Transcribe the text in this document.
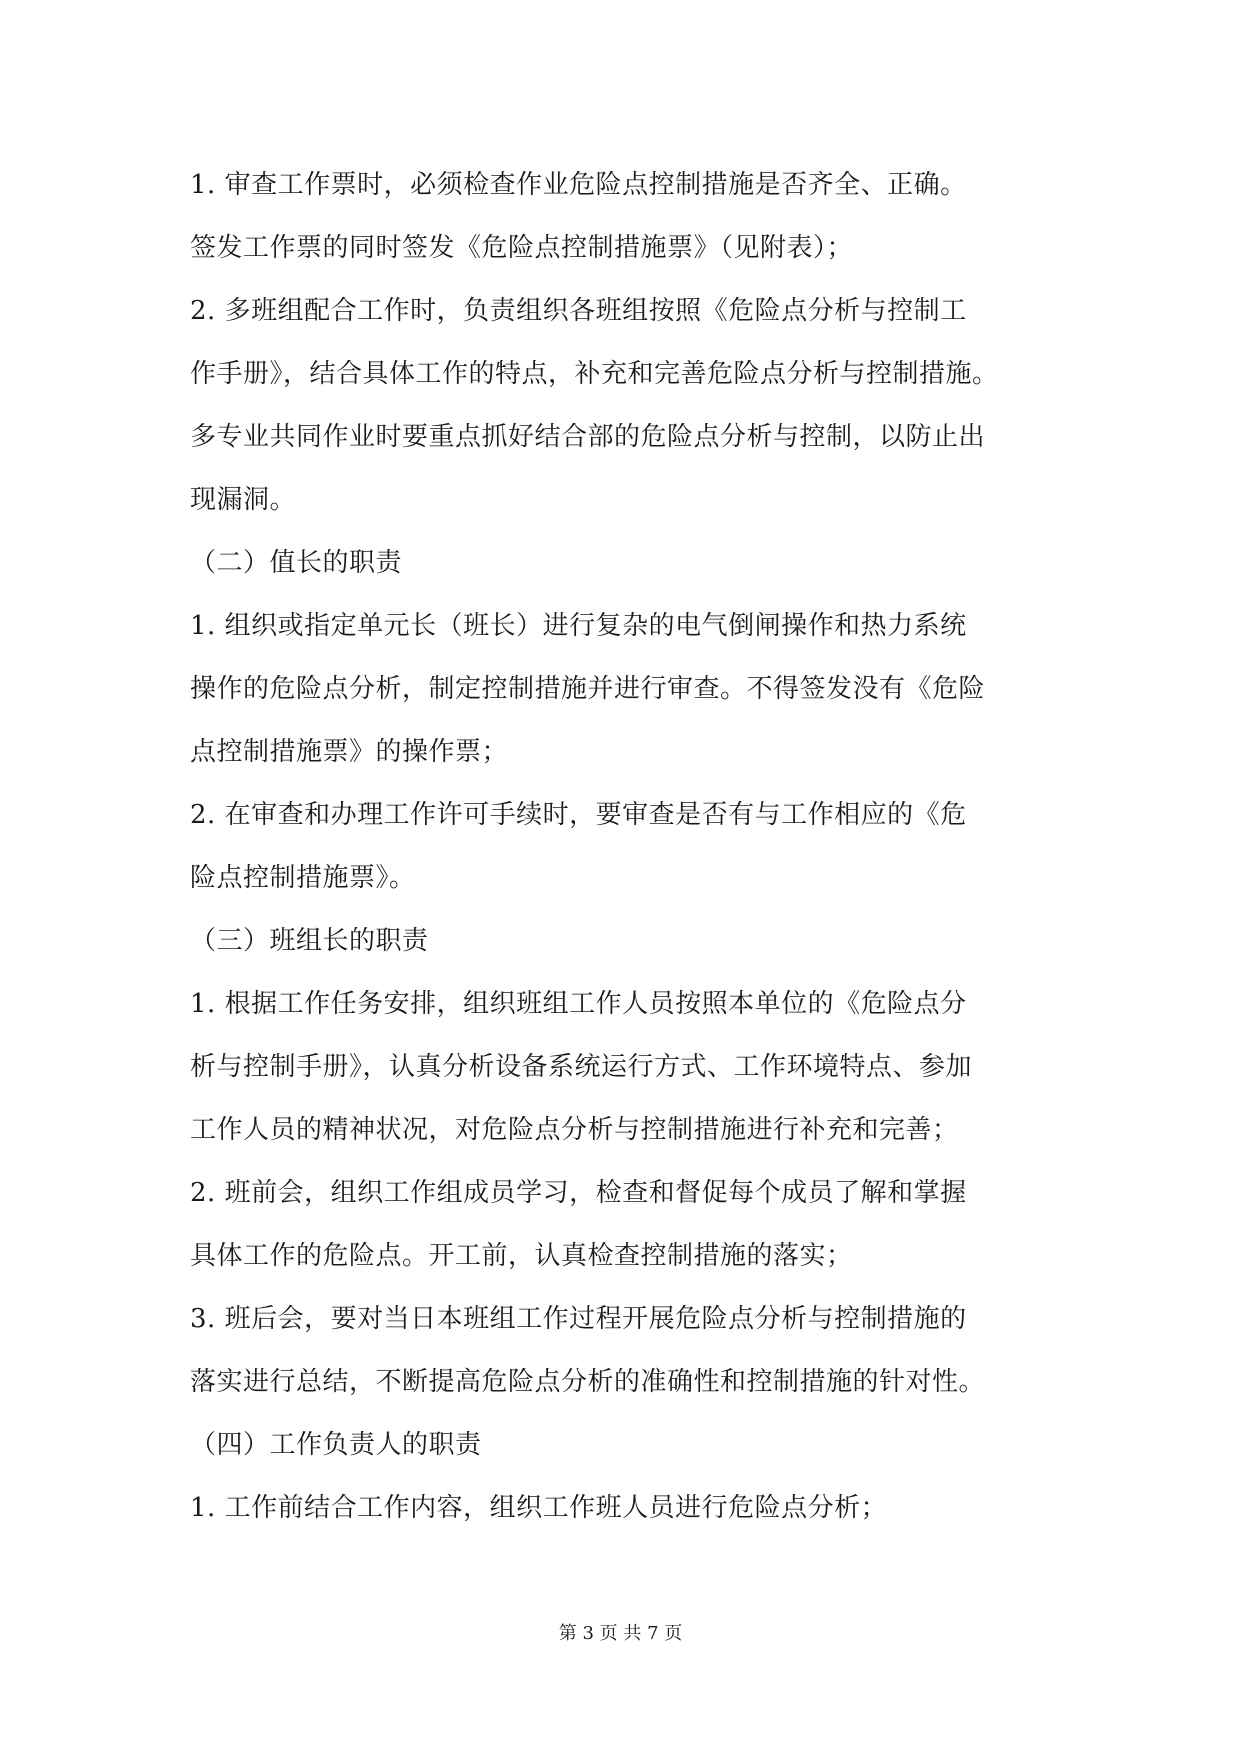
1. 审查工作票时，必须检查作业危险点控制措施是否齐全、正确。
签发工作票的同时签发《危险点控制措施票》（见附表）；
2. 多班组配合工作时，负责组织各班组按照《危险点分析与控制工
作手册》，结合具体工作的特点，补充和完善危险点分析与控制措施。
多专业共同作业时要重点抓好结合部的危险点分析与控制，以防止出
现漏洞。
（二）值长的职责
1. 组织或指定单元长（班长）进行复杂的电气倒闸操作和热力系统
操作的危险点分析，制定控制措施并进行审查。不得签发没有《危险
点控制措施票》的操作票；
2. 在审查和办理工作许可手续时，要审查是否有与工作相应的《危
险点控制措施票》。
（三）班组长的职责
1. 根据工作任务安排，组织班组工作人员按照本单位的《危险点分
析与控制手册》，认真分析设备系统运行方式、工作环境特点、参加
工作人员的精神状况，对危险点分析与控制措施进行补充和完善；
2. 班前会，组织工作组成员学习，检查和督促每个成员了解和掌握
具体工作的危险点。开工前，认真检查控制措施的落实；
3. 班后会，要对当日本班组工作过程开展危险点分析与控制措施的
落实进行总结，不断提高危险点分析的准确性和控制措施的针对性。
（四）工作负责人的职责
1. 工作前结合工作内容，组织工作班人员进行危险点分析；
第 3 页 共 7 页
